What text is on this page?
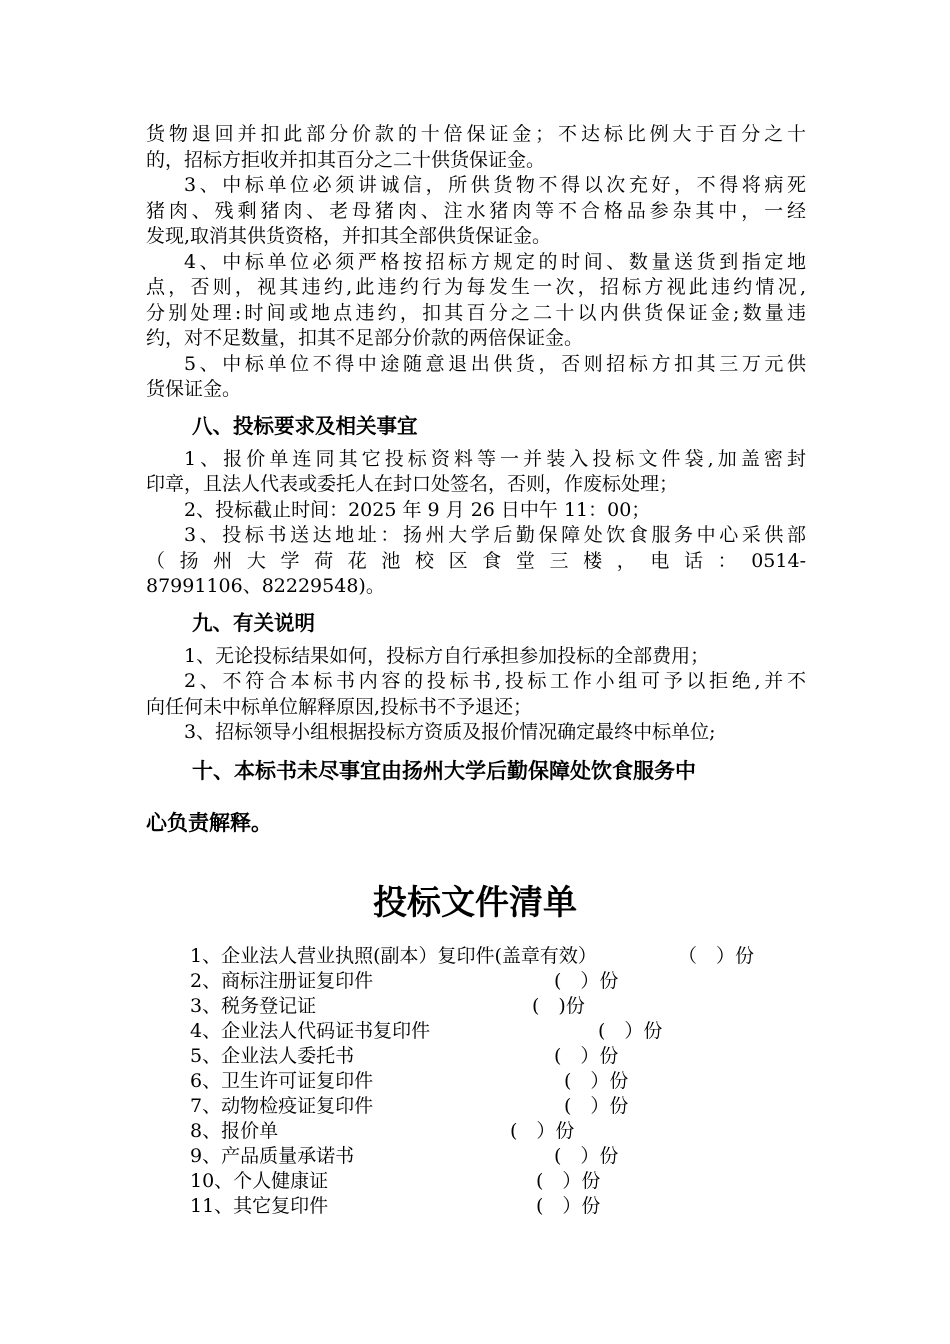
货物退回并扣此部分价款的十倍保证金；不达标比例大于百分之十
的，招标方拒收并扣其百分之二十供货保证金。
3、中标单位必须讲诚信，所供货物不得以次充好，不得将病死
猪肉、残剩猪肉、老母猪肉、注水猪肉等不合格品参杂其中，一经
发现,取消其供货资格，并扣其全部供货保证金。
4、中标单位必须严格按招标方规定的时间、数量送货到指定地
点，否则，视其违约,此违约行为每发生一次，招标方视此违约情况,
分别处理:时间或地点违约，扣其百分之二十以内供货保证金;数量违
约，对不足数量，扣其不足部分价款的两倍保证金。
5、中标单位不得中途随意退出供货，否则招标方扣其三万元供
货保证金。
八、投标要求及相关事宜
1、报价单连同其它投标资料等一并装入投标文件袋,加盖密封
印章，且法人代表或委托人在封口处签名，否则，作废标处理；
2、投标截止时间：2025 年 9 月 26 日中午 11：00；
3、投标书送达地址：扬州大学后勤保障处饮食服务中心采供部
（扬州大学荷花池校区食堂三楼，电话：0514-
87991106、82229548)。
九、有关说明
1、无论投标结果如何，投标方自行承担参加投标的全部费用；
2、不符合本标书内容的投标书,投标工作小组可予以拒绝,并不
向任何未中标单位解释原因,投标书不予退还；
3、招标领导小组根据投标方资质及报价情况确定最终中标单位;
十、本标书未尽事宜由扬州大学后勤保障处饮食服务中
心负责解释。
投标文件清单
1、企业法人营业执照(副本）复印件(盖章有效）	（　）份
2、商标注册证复印件	(　）份
3、税务登记证	(　)份
4、企业法人代码证书复印件	(　）份
5、企业法人委托书	(　）份
6、卫生许可证复印件	(　）份
7、动物检疫证复印件	(　）份
8、报价单	(　）份
9、产品质量承诺书	(　）份
10、个人健康证	(　）份
11、其它复印件	(　）份
